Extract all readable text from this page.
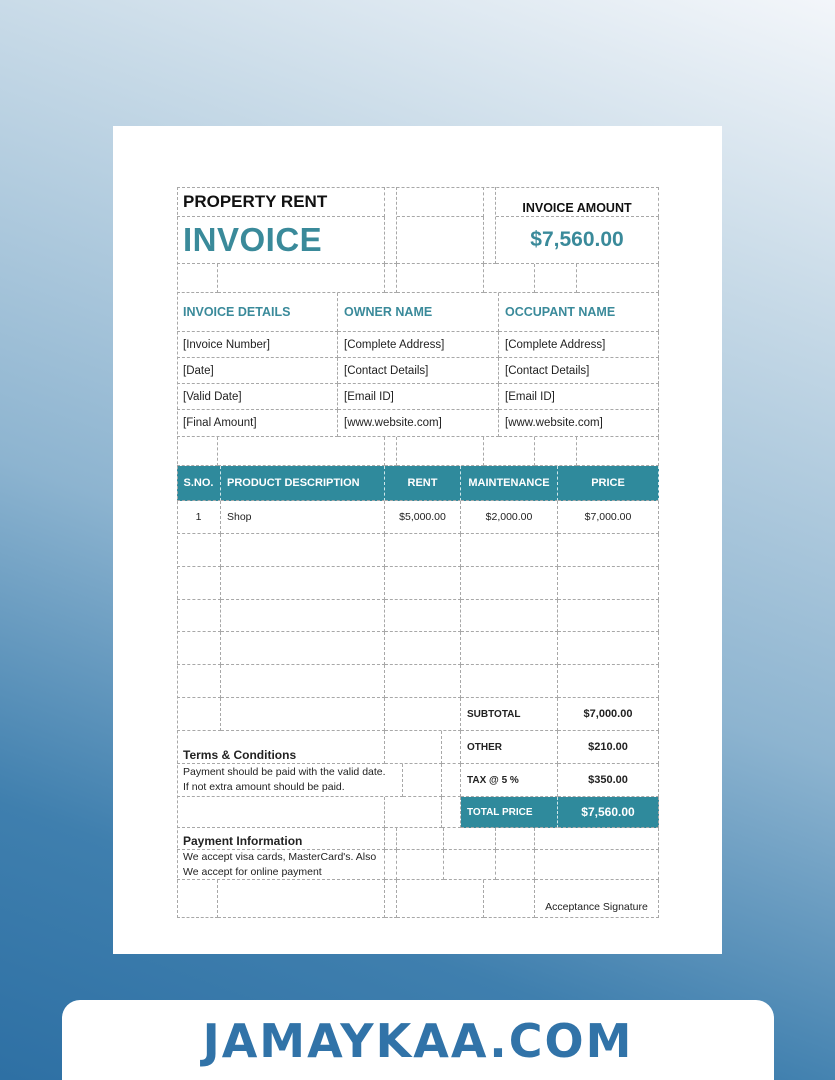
PROPERTY RENT
INVOICE
INVOICE AMOUNT
$7,560.00
INVOICE DETAILS	OWNER NAME	OCCUPANT NAME
[Invoice Number]	[Complete Address]	[Complete Address]
[Date]	[Contact Details]	[Contact Details]
[Valid Date]	[Email ID]	[Email ID]
[Final Amount]	[www.website.com]	[www.website.com]
S.NO.	PRODUCT DESCRIPTION	RENT	MAINTENANCE	PRICE
1	Shop	$5,000.00	$2,000.00	$7,000.00
SUBTOTAL	$7,000.00
Terms & Conditions
OTHER	$210.00
Payment should be paid with the valid date.
If not extra amount should be paid.
TAX @ 5 %	$350.00
TOTAL PRICE	$7,560.00
Payment Information
We accept visa cards, MasterCard's. Also
We accept for online payment
Acceptance Signature
JAMAYKAA.COM
